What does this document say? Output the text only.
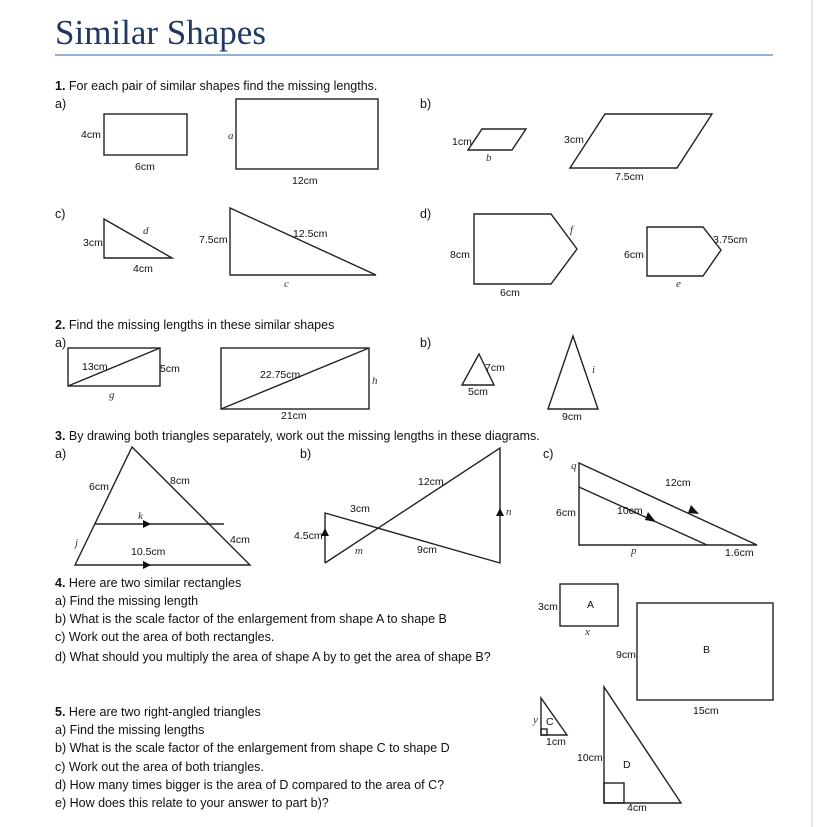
Similar Shapes
1. For each pair of similar shapes find the missing lengths.
a)	b)
c)	d)
4cm
6cm
a
12cm
1cm
b
3cm
7.5cm
3cm
d
4cm
7.5cm	12.5cm
c
8cm
f
6cm
6cm
3.75cm
e
2. Find the missing lengths in these similar shapes
a)	b)
13cm	5cm
g
22.75cm	h
21cm
7cm
5cm
i
9cm
3. By drawing both triangles separately, work out the missing lengths in these diagrams.
a)	b)	c)
6cm	8cm
k
4cm
j
10.5cm
12cm
3cm	n
4.5cm
m	9cm
q
12cm
6cm	10cm
p	1.6cm
4. Here are two similar rectangles
a) Find the missing length
b) What is the scale factor of the enlargement from shape A to shape B
c) Work out the area of both rectangles.
d) What should you multiply the area of shape A by to get the area of shape B?
3cm	A
x
9cm	B
15cm
5. Here are two right-angled triangles
a) Find the missing lengths
b) What is the scale factor of the enlargement from shape C to shape D
c) Work out the area of both triangles.
d) How many times bigger is the area of D compared to the area of C?
e) How does this relate to your answer to part b)?
y C
1cm
10cm
D
4cm
